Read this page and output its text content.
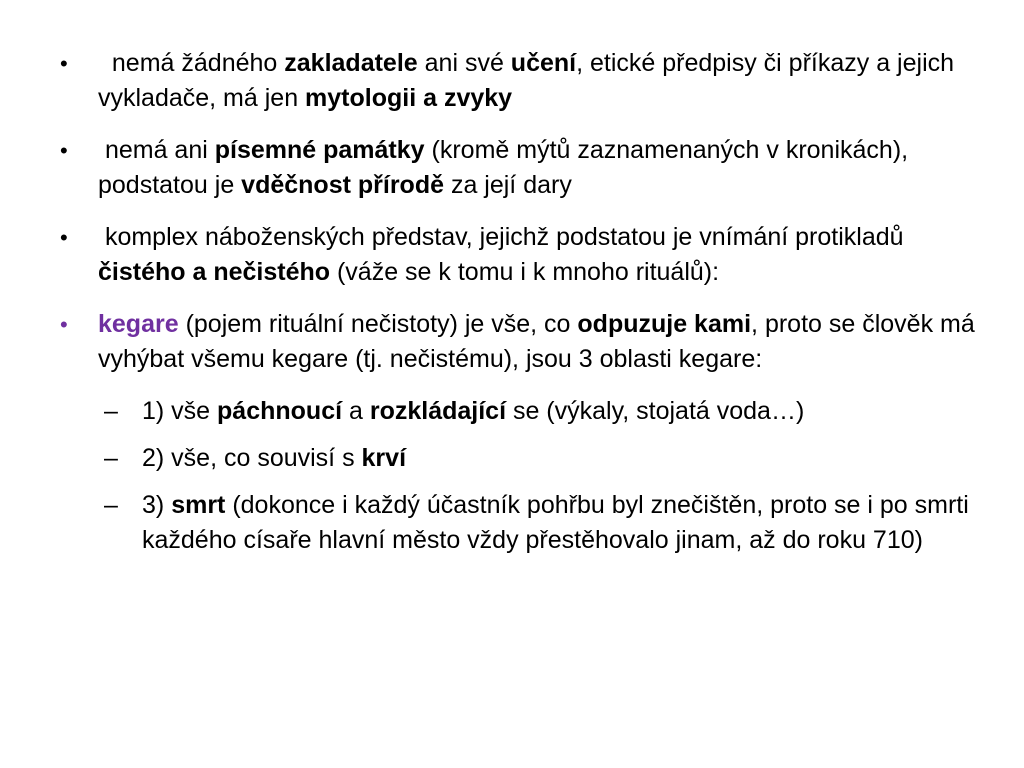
•	nemá žádného zakladatele ani své učení, etické předpisy či příkazy a jejich vykladače, má jen mytologii a zvyky
•	nemá ani písemné památky (kromě mýtů zaznamenaných v kronikách), podstatou je vděčnost přírodě za její dary
•	komplex náboženských představ, jejichž podstatou je vnímání protikladů čistého a nečistého (váže se k tomu i k mnoho rituálů):
•	kegare (pojem rituální nečistoty) je vše, co odpuzuje kami, proto se člověk má vyhýbat všemu kegare (tj. nečistému), jsou 3 oblasti kegare:
– 1) vše páchnoucí a rozkládající se (výkaly, stojatá voda…)
– 2) vše, co souvisí s krví
– 3) smrt (dokonce i každý účastník pohřbu byl znečištěn, proto se i po smrti každého císaře hlavní město vždy přestěhovalo jinam, až do roku 710)
